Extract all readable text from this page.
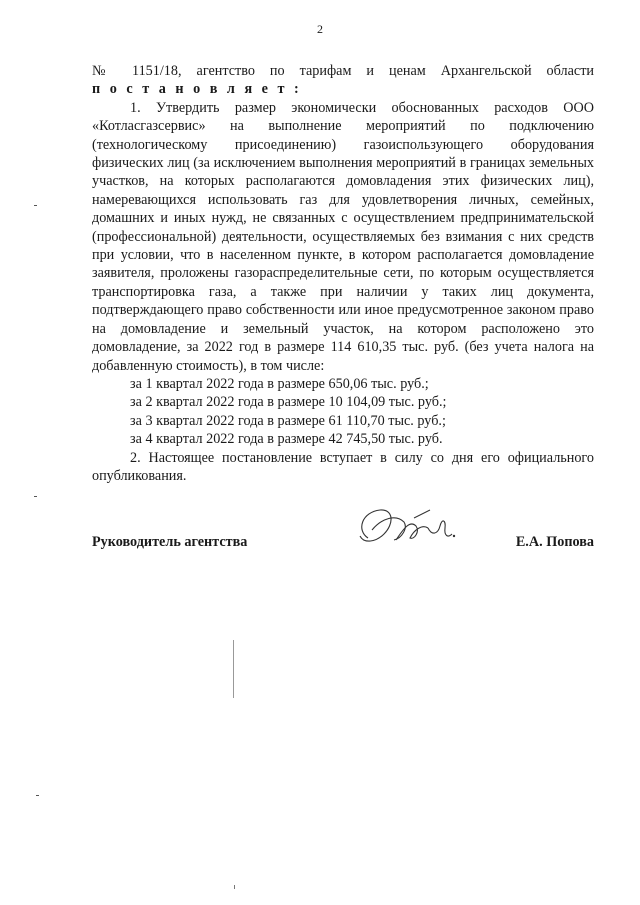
2

№ 1151/18, агентство по тарифам и ценам Архангельской области

п о с т а н о в л я е т :

1. Утвердить размер экономически обоснованных расходов ООО «Котласгазсервис» на выполнение мероприятий по подключению (технологическому присоединению) газоиспользующего оборудования физических лиц (за исключением выполнения мероприятий в границах земельных участков, на которых располагаются домовладения этих физических лиц), намеревающихся использовать газ для удовлетворения личных, семейных, домашних и иных нужд, не связанных с осуществлением предпринимательской (профессиональной) деятельности, осуществляемых без взимания с них средств при условии, что в населенном пункте, в котором располагается домовладение заявителя, проложены газораспределительные сети, по которым осуществляется транспортировка газа, а также при наличии у таких лиц документа, подтверждающего право собственности или иное предусмотренное законом право на домовладение и земельный участок, на котором расположено это домовладение, за 2022 год в размере 114 610,35 тыс. руб. (без учета налога на добавленную стоимость), в том числе:

за 1 квартал 2022 года в размере 650,06 тыс. руб.;

за 2 квартал 2022 года в размере 10 104,09 тыс. руб.;

за 3 квартал 2022 года в размере 61 110,70 тыс. руб.;

за 4 квартал 2022 года в размере 42 745,50 тыс. руб.

2. Настоящее постановление вступает в силу со дня его официального опубликования.

Руководитель агентства	Е.А. Попова
